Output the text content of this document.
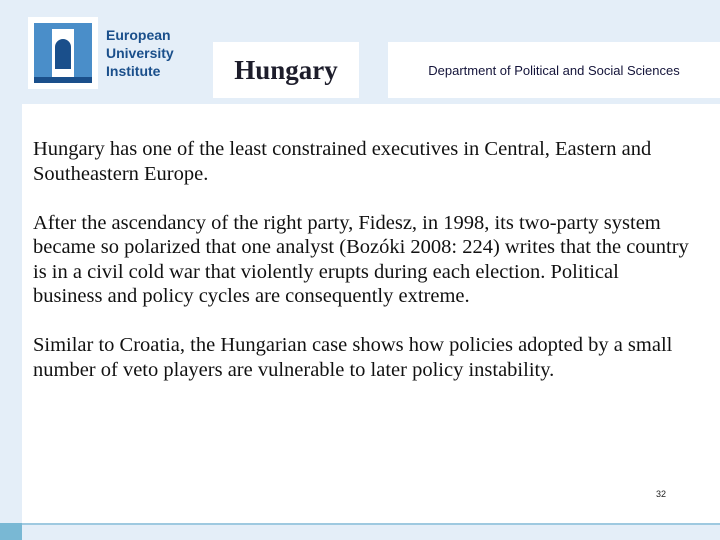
European
University
Institute	Hungary	Department of Political and Social Sciences

Hungary has one of the least constrained executives in Central, Eastern and Southeastern Europe.

After the ascendancy of the right party, Fidesz, in 1998, its two-party system became so polarized that one analyst (Bozóki 2008: 224) writes that the country is in a civil cold war that violently erupts during each election. Political business and policy cycles are consequently extreme.

Similar to Croatia, the Hungarian case shows how policies adopted by a small number of veto players are vulnerable to later policy instability.

32
